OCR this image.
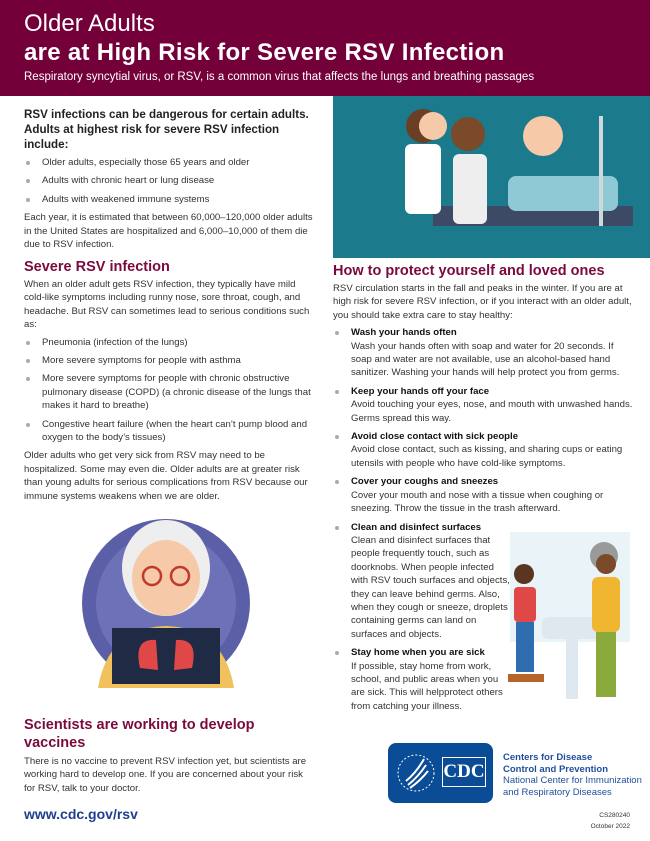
Older Adults
are at High Risk for Severe RSV Infection
Respiratory syncytial virus, or RSV, is a common virus that affects the lungs and breathing passages
RSV infections can be dangerous for certain adults. Adults at highest risk for severe RSV infection include:
Older adults, especially those 65 years and older
Adults with chronic heart or lung disease
Adults with weakened immune systems

Each year, it is estimated that between 60,000–120,000 older adults in the United States are hospitalized and 6,000–10,000 of them die due to RSV infection.

Severe RSV infection

When an older adult gets RSV infection, they typically have mild cold-like symptoms including runny nose, sore throat, cough, and headache. But RSV can sometimes lead to serious conditions such as:

Pneumonia (infection of the lungs)
More severe symptoms for people with asthma
More severe symptoms for people with chronic obstructive pulmonary disease (COPD) (a chronic disease of the lungs that makes it hard to breathe)
Congestive heart failure (when the heart can’t pump blood and oxygen to the body’s tissues)

Older adults who get very sick from RSV may need to be hospitalized. Some may even die. Older adults are at greater risk than young adults for serious complications from RSV because our immune systems weakens when we are older.

Scientists are working to develop vaccines

There is no vaccine to prevent RSV infection yet, but scientists are working hard to develop one. If you are concerned about your risk for RSV, talk to your doctor.

www.cdc.gov/rsv
How to protect yourself and loved ones

RSV circulation starts in the fall and peaks in the winter. If you are at high risk for severe RSV infection, or if you interact with an older adult, you should take extra care to stay healthy:

Wash your hands often
Wash your hands often with soap and water for 20 seconds. If soap and water are not available, use an alcohol-based hand sanitizer. Washing your hands will help protect you from germs.
Keep your hands off your face
Avoid touching your eyes, nose, and mouth with unwashed hands. Germs spread this way.
Avoid close contact with sick people
Avoid close contact, such as kissing, and sharing cups or eating utensils with people who have cold-like symptoms.
Cover your coughs and sneezes
Cover your mouth and nose with a tissue when coughing or sneezing. Throw the tissue in the trash afterward.
Clean and disinfect surfaces
Clean and disinfect surfaces that people frequently touch, such as doorknobs. When people infected with RSV touch surfaces and objects, they can leave behind germs. Also, when they cough or sneeze, droplets containing germs can land on surfaces and objects.
Stay home when you are sick
If possible, stay home from work, school, and public areas when you are sick. This will helpprotect others from catching your illness.
CDC
Centers for Disease
Control and Prevention
National Center for Immunization
and Respiratory Diseases
CS280240
October 2022
